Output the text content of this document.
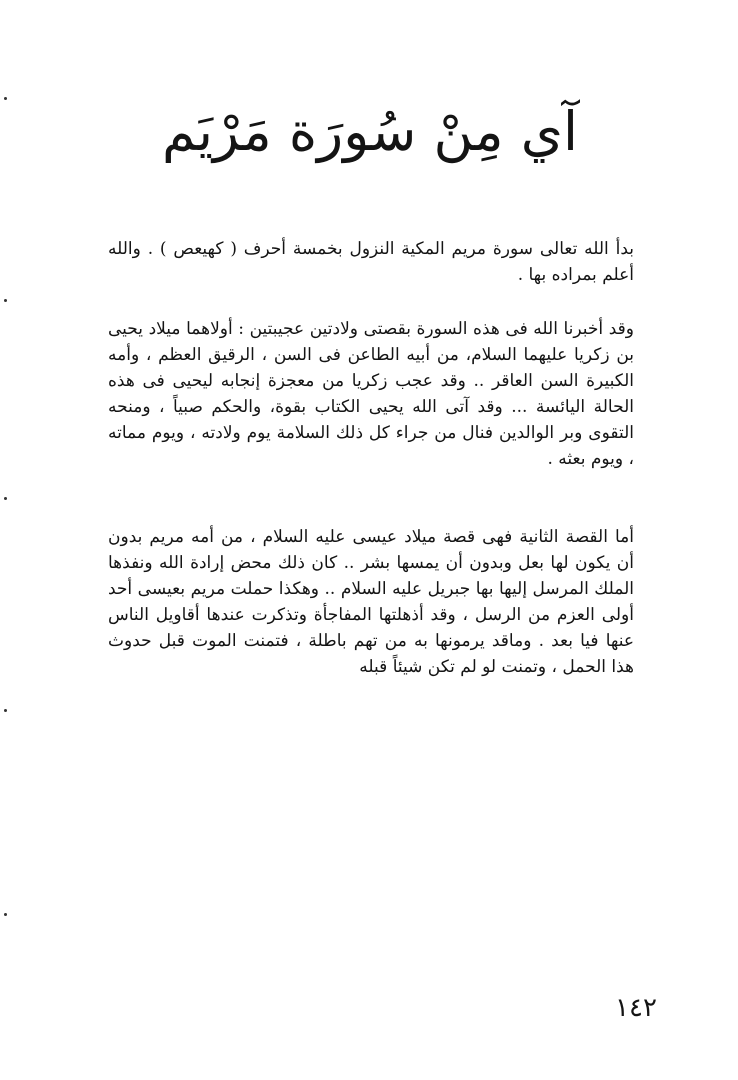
آي مِنْ سُورَة مَرْيَم

بدأ الله تعالى سورة مريم المكية النزول بخمسة أحرف ( كهيعص ) . والله أعلم بمراده بها .

وقد أخبرنا الله فى هذه السورة بقصتى ولادتين عجيبتين : أولاهما ميلاد يحيى بن زكريا عليهما السلام، من أبيه الطاعن فى السن ، الرقيق العظم ، وأمه الكبيرة السن العاقر .. وقد عجب زكريا من معجزة إنجابه ليحيى فى هذه الحالة اليائسة ... وقد آتى الله يحيى الكتاب بقوة، والحكم صبياً ، ومنحه التقوى وبر الوالدين فنال من جراء كل ذلك السلامة يوم ولادته ، ويوم مماته ، ويوم بعثه .

أما القصة الثانية فهى قصة ميلاد عيسى عليه السلام ، من أمه مريم بدون أن يكون لها بعل وبدون أن يمسها بشر .. كان ذلك محض إرادة الله ونفذها الملك المرسل إليها بها جبريل عليه السلام .. وهكذا حملت مريم بعيسى أحد أولى العزم من الرسل ، وقد أذهلتها المفاجأة وتذكرت عندها أقاويل الناس عنها فيا بعد . وماقد يرمونها به من تهم باطلة ، فتمنت الموت قبل حدوث هذا الحمل ، وتمنت لو لم تكن شيئاً قبله

١٤٢
